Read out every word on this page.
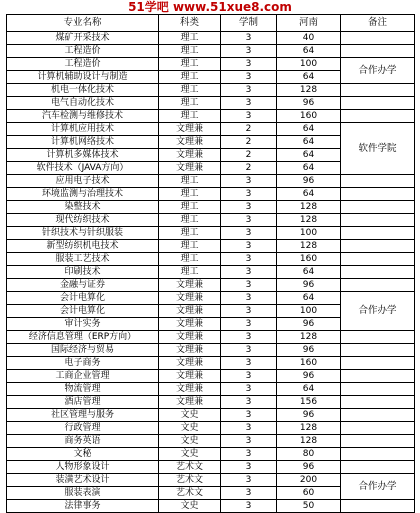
51学吧 www.51xue8.com
专业名称	科类	学制	河南	备注
煤矿开采技术	理工	3	40	
工程造价	理工	3	64	
工程造价	理工	3	100	合作办学
计算机辅助设计与制造	理工	3	64	
机电一体化技术	理工	3	128	
电气自动化技术	理工	3	96	
汽车检测与维修技术	理工	3	160	
计算机应用技术	文理兼	2	64	软件学院
计算机网络技术	文理兼	2	64	
计算机多媒体技术	文理兼	2	64	
软件技术（JAVA方向）	文理兼	2	64	
应用电子技术	理工	3	96	
环境监测与治理技术	理工	3	64	
染整技术	理工	3	128	
现代纺织技术	理工	3	128	
针织技术与针织服装	理工	3	100	
新型纺织机电技术	理工	3	128	
服装工艺技术	理工	3	160	
印刷技术	理工	3	64	
金融与证券	文理兼	3	96	
会计电算化	文理兼	3	64	合作办学
会计电算化	文理兼	3	100	
审计实务	文理兼	3	96	
经济信息管理（ERP方向）	文理兼	3	128	
国际经济与贸易	文理兼	3	96	
电子商务	文理兼	3	160	
工商企业管理	文理兼	3	96	
物流管理	文理兼	3	64	
酒店管理	文理兼	3	156	
社区管理与服务	文史	3	96	
行政管理	文史	3	128	
商务英语	文史	3	128	
文秘	文史	3	80	
人物形象设计	艺术文	3	96	
装潢艺术设计	艺术文	3	200	合作办学
服装表演	艺术文	3	60	
法律事务	文史	3	50	
